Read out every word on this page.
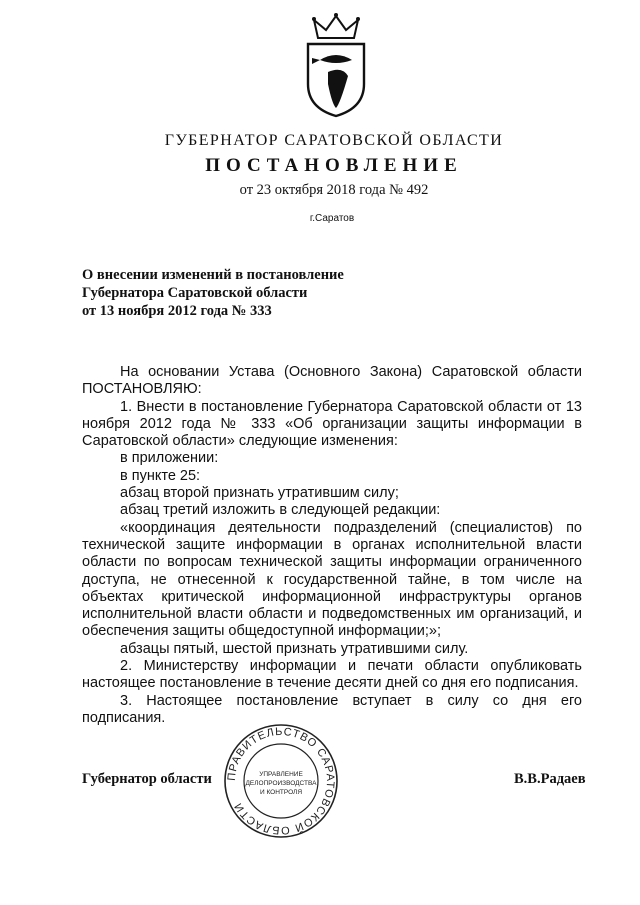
ГУБЕРНАТОР САРАТОВСКОЙ ОБЛАСТИ
ПОСТАНОВЛЕНИЕ
от 23 октября 2018 года № 492
г.Саратов
О внесении изменений в постановление
Губернатора Саратовской области
от 13 ноября 2012 года № 333
На основании Устава (Основного Закона) Саратовской области ПОСТАНОВЛЯЮ:
1. Внести в постановление Губернатора Саратовской области от 13 ноября 2012 года № 333 «Об организации защиты информации в Саратовской области» следующие изменения:
в приложении:
в пункте 25:
абзац второй признать утратившим силу;
абзац третий изложить в следующей редакции:
«координация деятельности подразделений (специалистов) по технической защите информации в органах исполнительной власти области по вопросам технической защиты информации ограниченного доступа, не отнесенной к государственной тайне, в том числе на объектах критической информационной инфраструктуры органов исполнительной власти области и подведомственных им организаций, и обеспечения защиты общедоступной информации;»;
абзацы пятый, шестой признать утратившими силу.
2. Министерству информации и печати области опубликовать настоящее постановление в течение десяти дней со дня его подписания.
3. Настоящее постановление вступает в силу со дня его подписания.
Губернатор области	В.В.Радаев
ПРАВИТЕЛЬСТВО САРАТОВСКОЙ ОБЛАСТИ
УПРАВЛЕНИЕ
ДЕЛОПРОИЗВОДСТВА
И КОНТРОЛЯ
